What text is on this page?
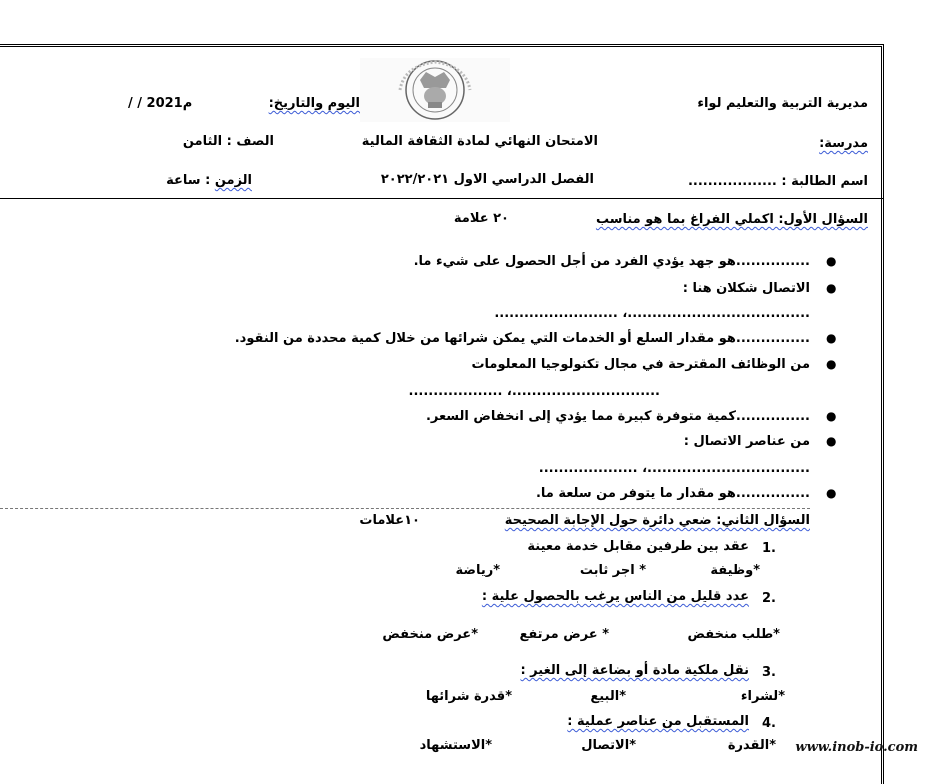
مديرية التربية والتعليم لواء
اليوم والتاريخ:
/ / 2021م
مدرسة:
الامتحان النهائي لمادة الثقافة المالية
الصف : الثامن
اسم الطالبة : ..................
الفصل الدراسي الاول ٢٠٢٢/٢٠٢١
الزمن : ساعة
السؤال الأول: اكملي الفراغ بما هو مناسب
٢٠ علامة
●
...............هو جهد يؤدي الفرد من أجل الحصول على شيء ما.
●
الاتصال شكلان هنا :
.....................................، .........................
●
...............هو مقدار السلع أو الخدمات التي يمكن شرائها من خلال كمية محددة من النقود.
●
من الوظائف المقترحة في مجال تكنولوجيا المعلومات
..............................، ...................
●
...............كمية متوفرة كبيرة مما يؤدي إلى انخفاض السعر.
●
من عناصر الاتصال :
.................................، ....................
●
...............هو مقدار ما يتوفر من سلعة ما.
السؤال الثاني: ضعي دائرة حول الإجابة الصحيحة
١٠علامات
1.
عقد بين طرفين مقابل خدمة معينة
*وظيفة
* اجر ثابت
*رياضة
2.
عدد قليل من الناس يرغب بالحصول علية :
*طلب منخفض
* عرض مرتفع
*عرض منخفض
3.
نقل ملكية مادة أو بضاعة إلى الغير :
*لشراء
*البيع
*قدرة شرائها
4.
المستقبل من عناصر عملية :
*القدرة
*الاتصال
*الاستشهاد	www.inob-io.com
